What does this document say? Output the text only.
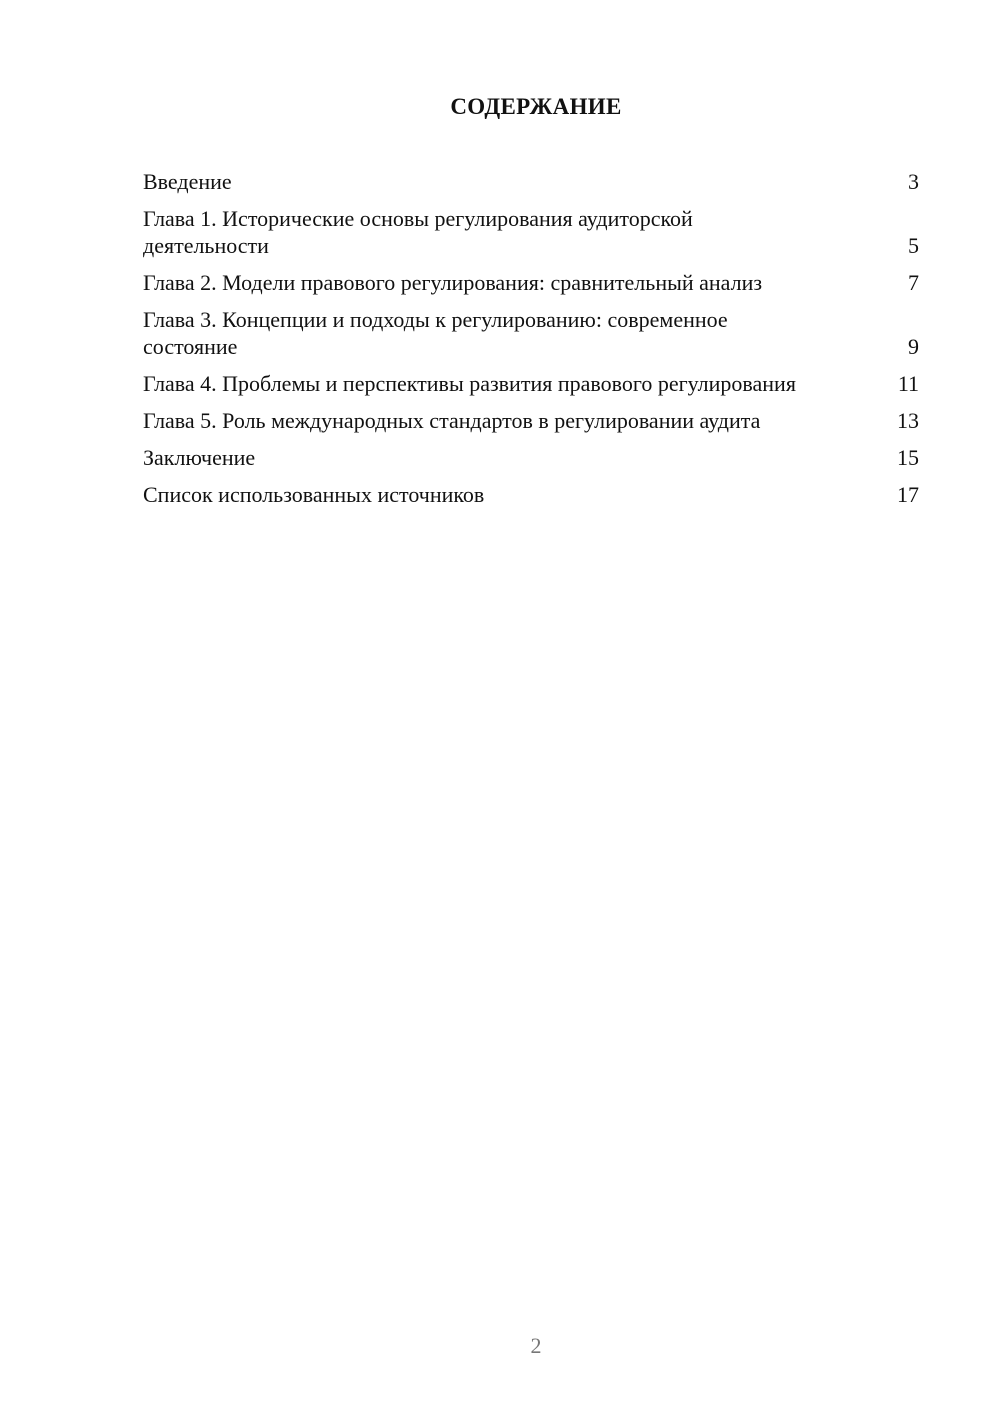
СОДЕРЖАНИЕ
Введение	3
Глава 1. Исторические основы регулирования аудиторской деятельности	5
Глава 2. Модели правового регулирования: сравнительный анализ	7
Глава 3. Концепции и подходы к регулированию: современное состояние	9
Глава 4. Проблемы и перспективы развития правового регулирования	11
Глава 5. Роль международных стандартов в регулировании аудита	13
Заключение	15
Список использованных источников	17
2
